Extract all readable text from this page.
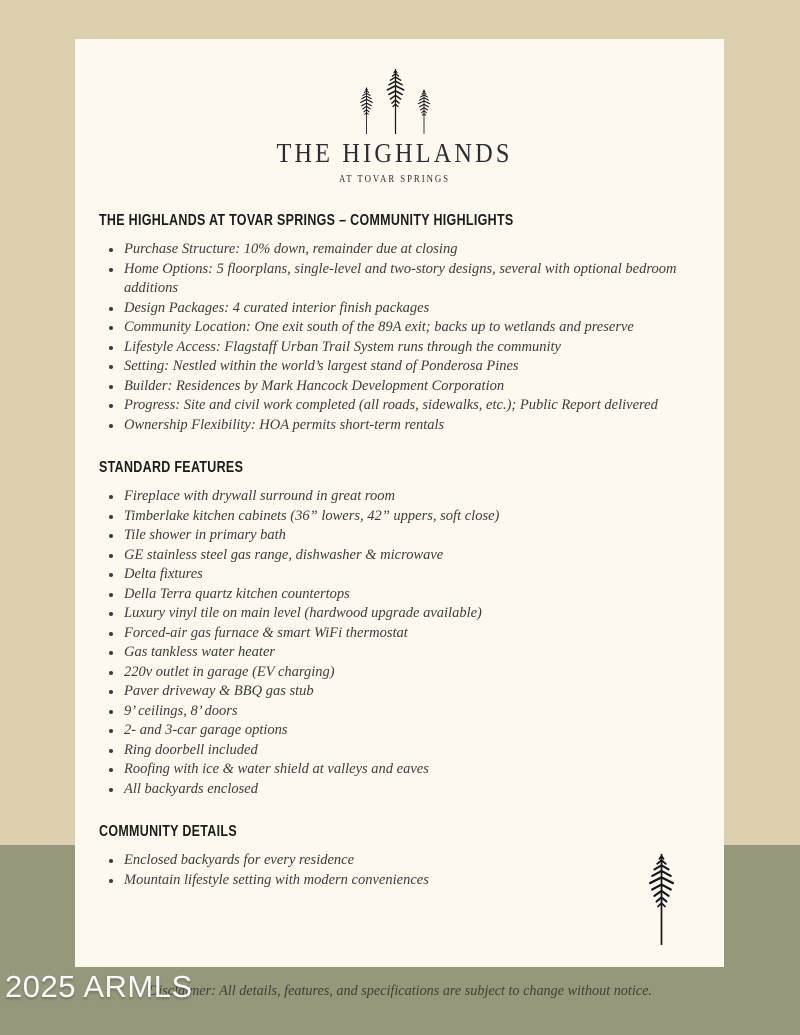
THE HIGHLANDS
AT TOVAR SPRINGS
THE HIGHLANDS AT TOVAR SPRINGS – COMMUNITY HIGHLIGHTS
• Purchase Structure: 10% down, remainder due at closing
• Home Options: 5 floorplans, single-level and two-story designs, several with optional bedroom additions
• Design Packages: 4 curated interior finish packages
• Community Location: One exit south of the 89A exit; backs up to wetlands and preserve
• Lifestyle Access: Flagstaff Urban Trail System runs through the community
• Setting: Nestled within the world’s largest stand of Ponderosa Pines
• Builder: Residences by Mark Hancock Development Corporation
• Progress: Site and civil work completed (all roads, sidewalks, etc.); Public Report delivered
• Ownership Flexibility: HOA permits short-term rentals
STANDARD FEATURES
• Fireplace with drywall surround in great room
• Timberlake kitchen cabinets (36” lowers, 42” uppers, soft close)
• Tile shower in primary bath
• GE stainless steel gas range, dishwasher & microwave
• Delta fixtures
• Della Terra quartz kitchen countertops
• Luxury vinyl tile on main level (hardwood upgrade available)
• Forced-air gas furnace & smart WiFi thermostat
• Gas tankless water heater
• 220v outlet in garage (EV charging)
• Paver driveway & BBQ gas stub
• 9’ ceilings, 8’ doors
• 2- and 3-car garage options
• Ring doorbell included
• Roofing with ice & water shield at valleys and eaves
• All backyards enclosed
COMMUNITY DETAILS
• Enclosed backyards for every residence
• Mountain lifestyle setting with modern conveniences
Disclaimer: All details, features, and specifications are subject to change without notice.
2025 ARMLS
